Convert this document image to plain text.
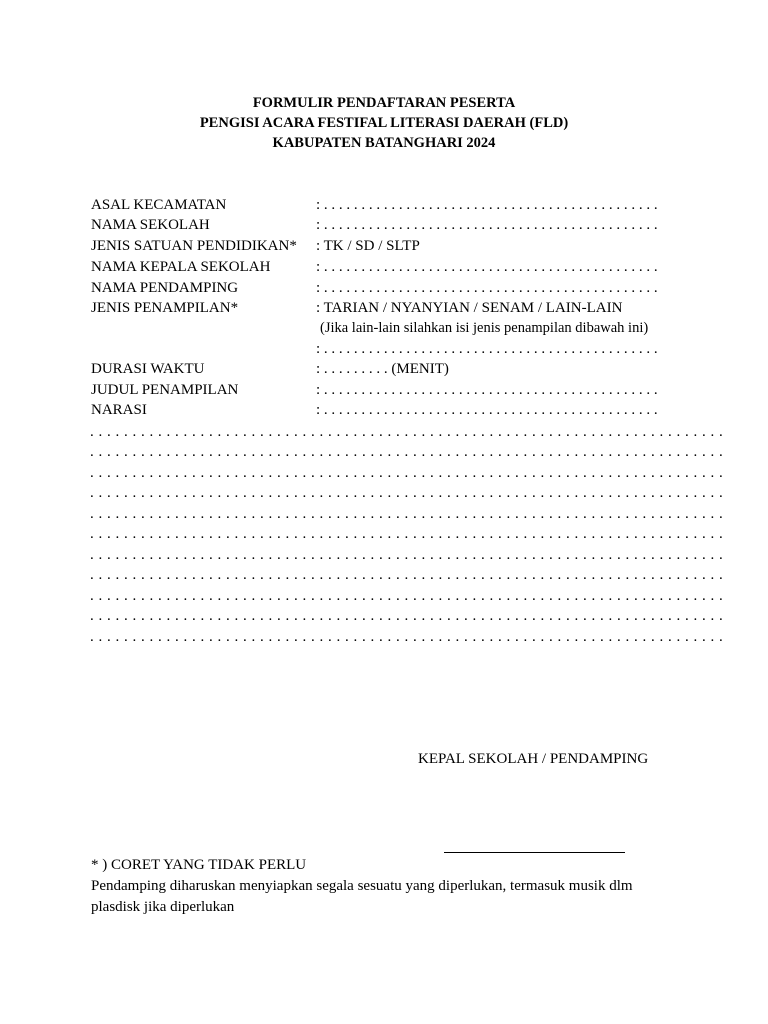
FORMULIR PENDAFTARAN PESERTA
PENGISI ACARA FESTIFAL LITERASI DAERAH (FLD)
KABUPATEN BATANGHARI 2024
ASAL KECAMATAN	: . . . . . . . . . . . . . . . . . . . . . . . . . . . . . . . . . . . . . . . . . . . . .
NAMA SEKOLAH	: . . . . . . . . . . . . . . . . . . . . . . . . . . . . . . . . . . . . . . . . . . . . .
JENIS SATUAN PENDIDIKAN* : TK / SD / SLTP
NAMA KEPALA SEKOLAH	: . . . . . . . . . . . . . . . . . . . . . . . . . . . . . . . . . . . . . . . . . . . . .
NAMA PENDAMPING	: . . . . . . . . . . . . . . . . . . . . . . . . . . . . . . . . . . . . . . . . . . . . .
JENIS PENAMPILAN*	: TARIAN / NYANYIAN / SENAM / LAIN-LAIN
(Jika lain-lain silahkan isi jenis penampilan dibawah ini)
: . . . . . . . . . . . . . . . . . . . . . . . . . . . . . . . . . . . . . . . . . . . . .
DURASI WAKTU	: . . . . . . . . . (MENIT)
JUDUL PENAMPILAN	: . . . . . . . . . . . . . . . . . . . . . . . . . . . . . . . . . . . . . . . . . . . . .
NARASI	: . . . . . . . . . . . . . . . . . . . . . . . . . . . . . . . . . . . . . . . . . . . . .
. . . . . . . . . . . . . . . . . . . . . . . . . . . . . . . . . . . . . . . . . . . . . . . . . . . . . . . . . . . . . . . . . . . . . . . . . . .
. . . . . . . . . . . . . . . . . . . . . . . . . . . . . . . . . . . . . . . . . . . . . . . . . . . . . . . . . . . . . . . . . . . . . . . . . . .
. . . . . . . . . . . . . . . . . . . . . . . . . . . . . . . . . . . . . . . . . . . . . . . . . . . . . . . . . . . . . . . . . . . . . . . . . . .
. . . . . . . . . . . . . . . . . . . . . . . . . . . . . . . . . . . . . . . . . . . . . . . . . . . . . . . . . . . . . . . . . . . . . . . . . . .
. . . . . . . . . . . . . . . . . . . . . . . . . . . . . . . . . . . . . . . . . . . . . . . . . . . . . . . . . . . . . . . . . . . . . . . . . . .
. . . . . . . . . . . . . . . . . . . . . . . . . . . . . . . . . . . . . . . . . . . . . . . . . . . . . . . . . . . . . . . . . . . . . . . . . . .
. . . . . . . . . . . . . . . . . . . . . . . . . . . . . . . . . . . . . . . . . . . . . . . . . . . . . . . . . . . . . . . . . . . . . . . . . . .
. . . . . . . . . . . . . . . . . . . . . . . . . . . . . . . . . . . . . . . . . . . . . . . . . . . . . . . . . . . . . . . . . . . . . . . . . . .
. . . . . . . . . . . . . . . . . . . . . . . . . . . . . . . . . . . . . . . . . . . . . . . . . . . . . . . . . . . . . . . . . . . . . . . . . . .
. . . . . . . . . . . . . . . . . . . . . . . . . . . . . . . . . . . . . . . . . . . . . . . . . . . . . . . . . . . . . . . . . . . . . . . . . . .
. . . . . . . . . . . . . . . . . . . . . . . . . . . . . . . . . . . . . . . . . . . . . . . . . . . . . . . . . . . . . . . . . . . . . . . . . . .
KEPAL SEKOLAH / PENDAMPING
* ) CORET YANG TIDAK PERLU
Pendamping diharuskan menyiapkan segala sesuatu yang diperlukan, termasuk musik dlm
plasdisk jika diperlukan
